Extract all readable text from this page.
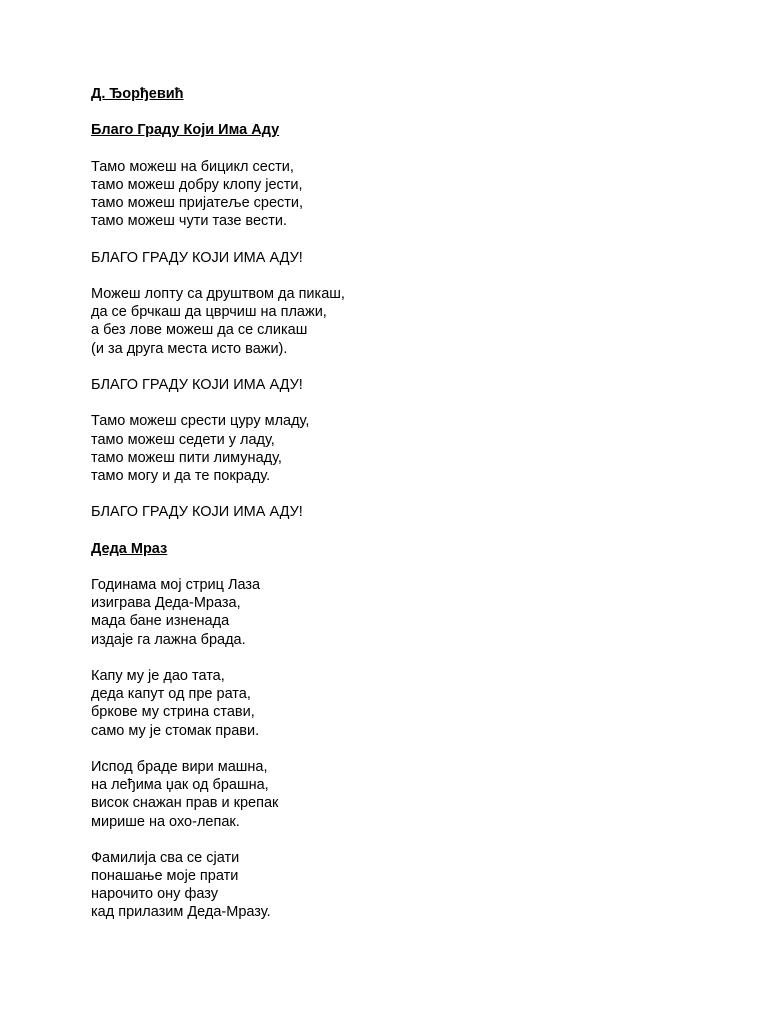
Д. Ђорђевић
Благо Граду Који Има Аду
Тамо можеш на бицикл сести,
тамо можеш добру клопу јести,
тамо можеш пријатеље срести,
тамо можеш чути тазе вести.
БЛАГО ГРАДУ КОЈИ ИМА АДУ!
Можеш лопту са друштвом да пикаш,
да се брчкаш да цврчиш на плажи,
а без лове можеш да се сликаш
(и за друга места исто важи).
БЛАГО ГРАДУ КОЈИ ИМА АДУ!
Тамо можеш срести цуру младу,
тамо можеш седети у ладу,
тамо можеш пити лимунаду,
тамо могу и да те покраду.
БЛАГО ГРАДУ КОЈИ ИМА АДУ!
Деда Мраз
Годинама мој стриц Лаза
изиграва Деда-Мраза,
мада бане изненада
издаје га лажна брада.
Капу му је дао тата,
деда капут од пре рата,
бркове му стрина стави,
само му је стомак прави.
Испод браде вири машна,
на леђима џак од брашна,
висок снажан прав и крепак
мирише на охо-лепак.
Фамилија сва се сјати
понашање моје прати
нарочито ону фазу
кад прилазим Деда-Мразу.
